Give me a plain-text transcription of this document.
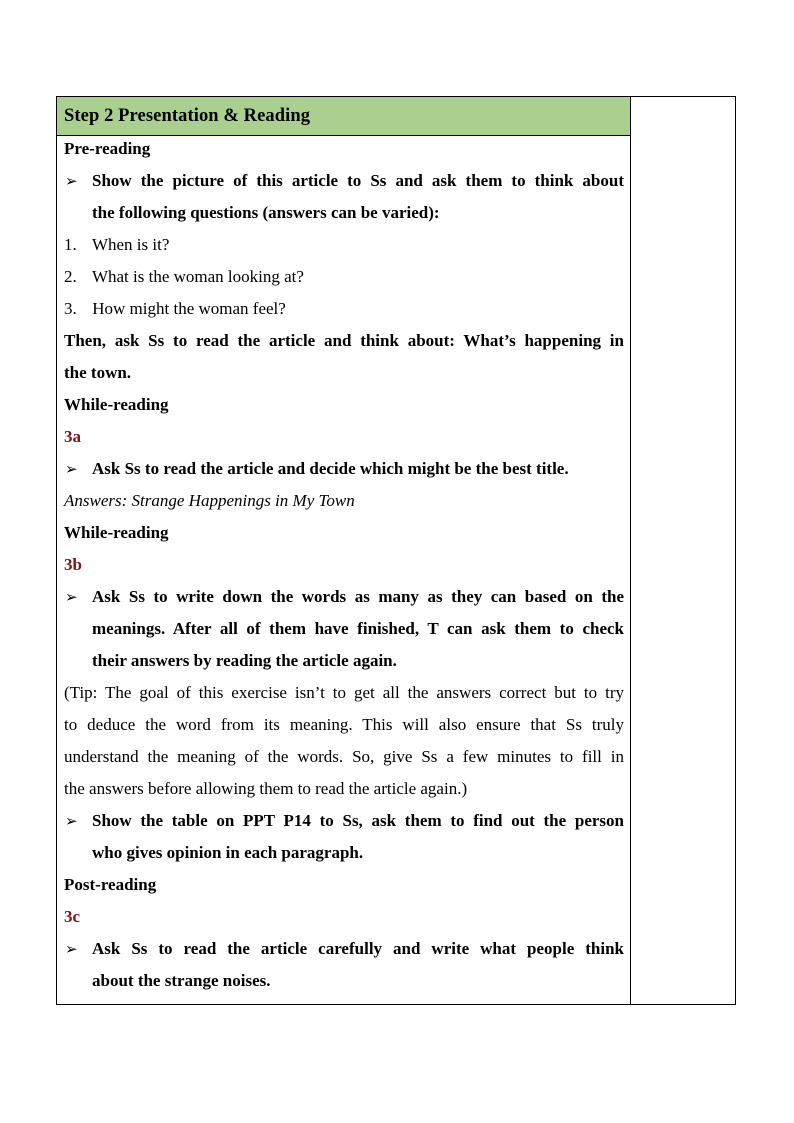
Step 2 Presentation & Reading
Pre-reading
➢ Show the picture of this article to Ss and ask them to think about
the following questions (answers can be varied):
1. When is it?
2. What is the woman looking at?
3. How might the woman feel?
Then, ask Ss to read the article and think about: What’s happening in
the town.
While-reading
3a
➢ Ask Ss to read the article and decide which might be the best title.
Answers: Strange Happenings in My Town
While-reading
3b
➢ Ask Ss to write down the words as many as they can based on the
meanings. After all of them have finished, T can ask them to check
their answers by reading the article again.
(Tip: The goal of this exercise isn’t to get all the answers correct but to try
to deduce the word from its meaning. This will also ensure that Ss truly
understand the meaning of the words. So, give Ss a few minutes to fill in
the answers before allowing them to read the article again.)
➢ Show the table on PPT P14 to Ss, ask them to find out the person
who gives opinion in each paragraph.
Post-reading
3c
➢ Ask Ss to read the article carefully and write what people think
about the strange noises.
